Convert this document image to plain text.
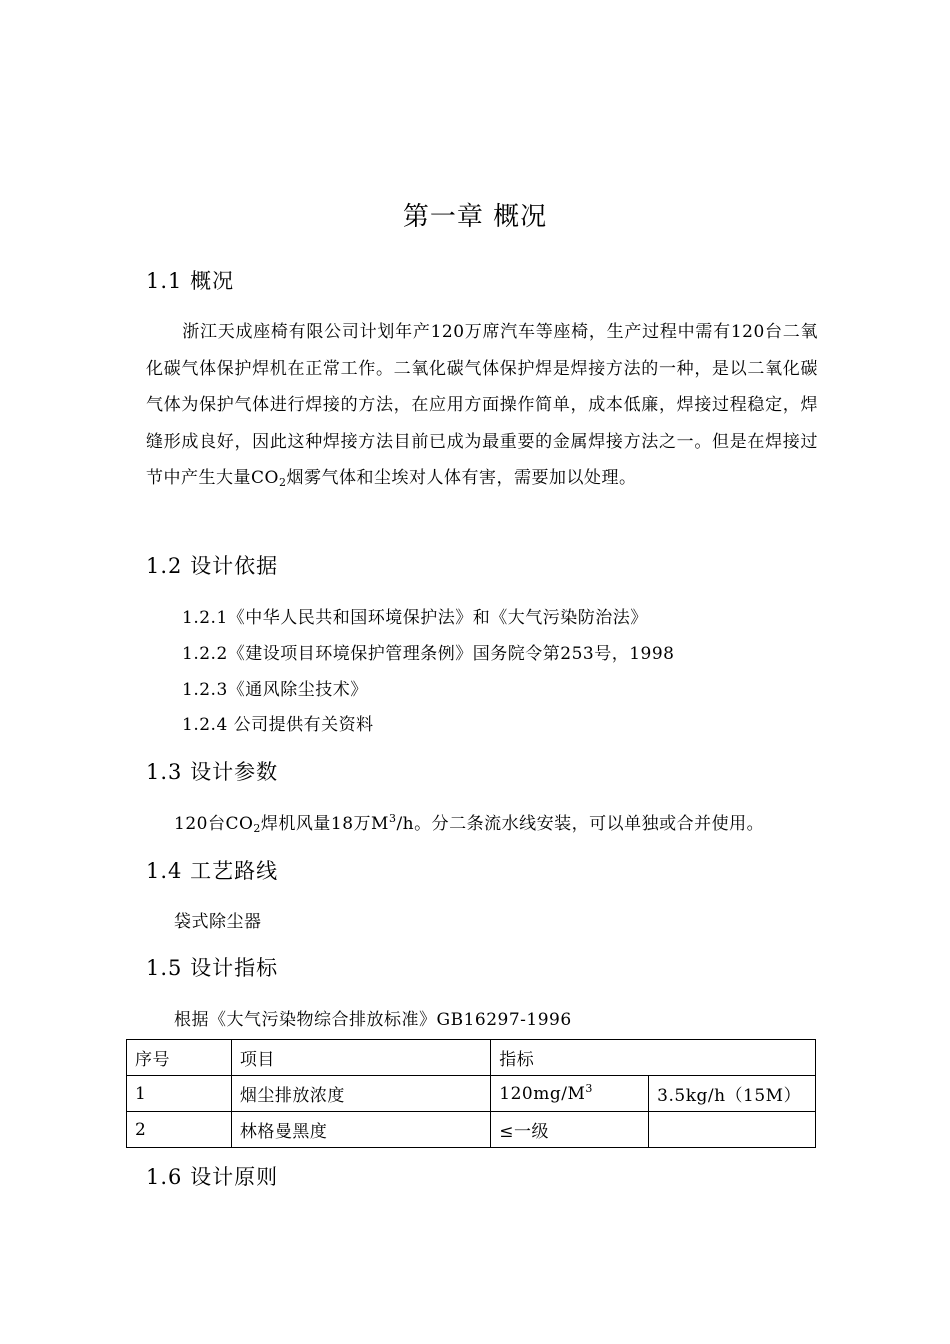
第一章 概况
1.1 概况
浙江天成座椅有限公司计划年产120万席汽车等座椅，生产过程中需有120台二氧化碳气体保护焊机在正常工作。二氧化碳气体保护焊是焊接方法的一种，是以二氧化碳气体为保护气体进行焊接的方法，在应用方面操作简单，成本低廉，焊接过程稳定，焊缝形成良好，因此这种焊接方法目前已成为最重要的金属焊接方法之一。但是在焊接过节中产生大量$CO_2$烟雾气体和尘埃对人体有害，需要加以处理。
1.2 设计依据
1.2.1《中华人民共和国环境保护法》和《大气污染防治法》
1.2.2《建设项目环境保护管理条例》国务院令第253号，1998
1.2.3《通风除尘技术》
1.2.4 公司提供有关资料
1.3 设计参数
120台$CO_2$焊机风量18万$M^3/h$。分二条流水线安装，可以单独或合并使用。
1.4 工艺路线
袋式除尘器
1.5 设计指标
根据《大气污染物综合排放标准》GB16297-1996
序号	项目	指标	
1	烟尘排放浓度	$120mg/M^3$	3.5kg/h（15M）
2	林格曼黑度	≤一级	
1.6 设计原则
